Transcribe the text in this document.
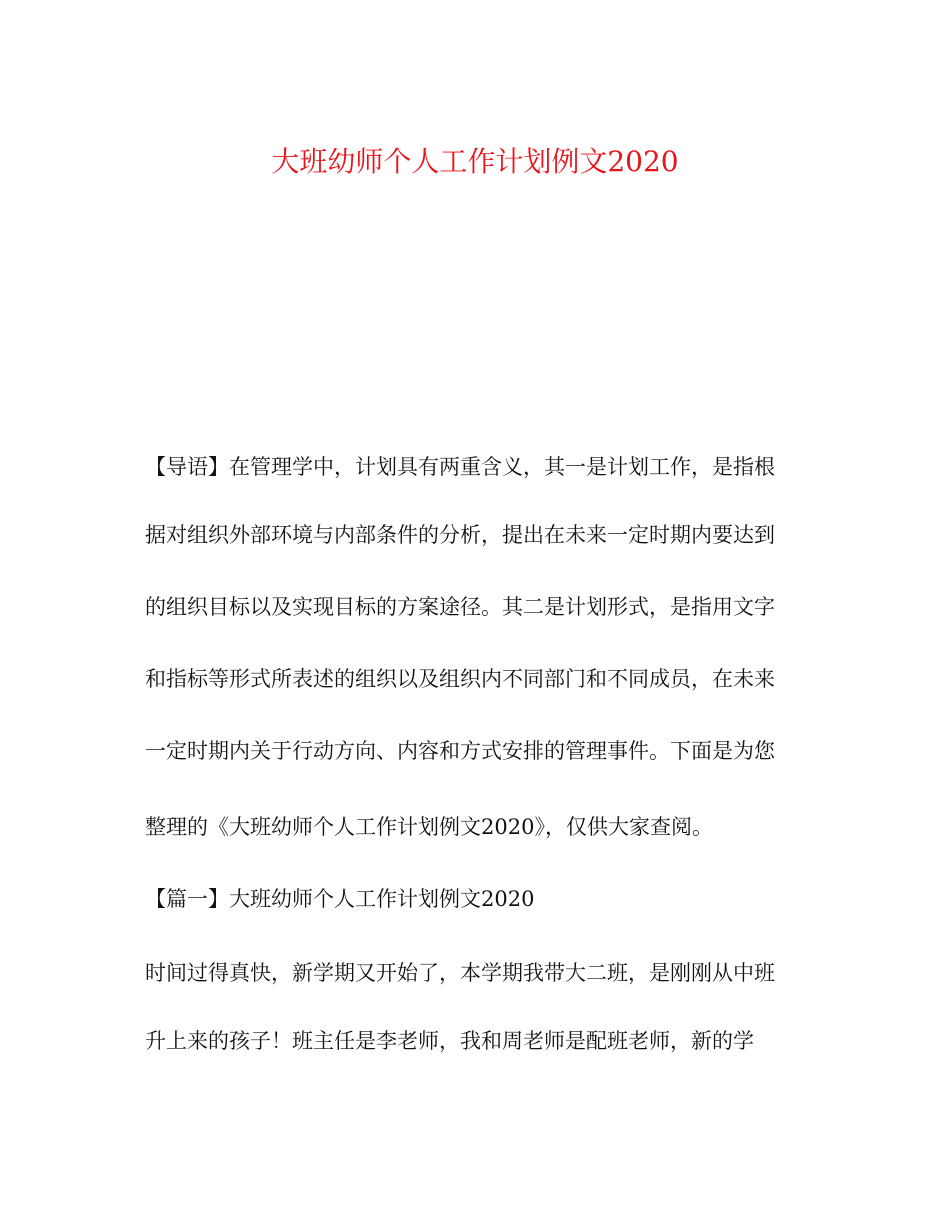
大班幼师个人工作计划例文2020
【导语】在管理学中，计划具有两重含义，其一是计划工作，是指根
据对组织外部环境与内部条件的分析，提出在未来一定时期内要达到
的组织目标以及实现目标的方案途径。其二是计划形式，是指用文字
和指标等形式所表述的组织以及组织内不同部门和不同成员，在未来
一定时期内关于行动方向、内容和方式安排的管理事件。下面是为您
整理的《大班幼师个人工作计划例文2020》，仅供大家查阅。
【篇一】大班幼师个人工作计划例文2020
时间过得真快，新学期又开始了，本学期我带大二班，是刚刚从中班
升上来的孩子！班主任是李老师，我和周老师是配班老师，新的学
